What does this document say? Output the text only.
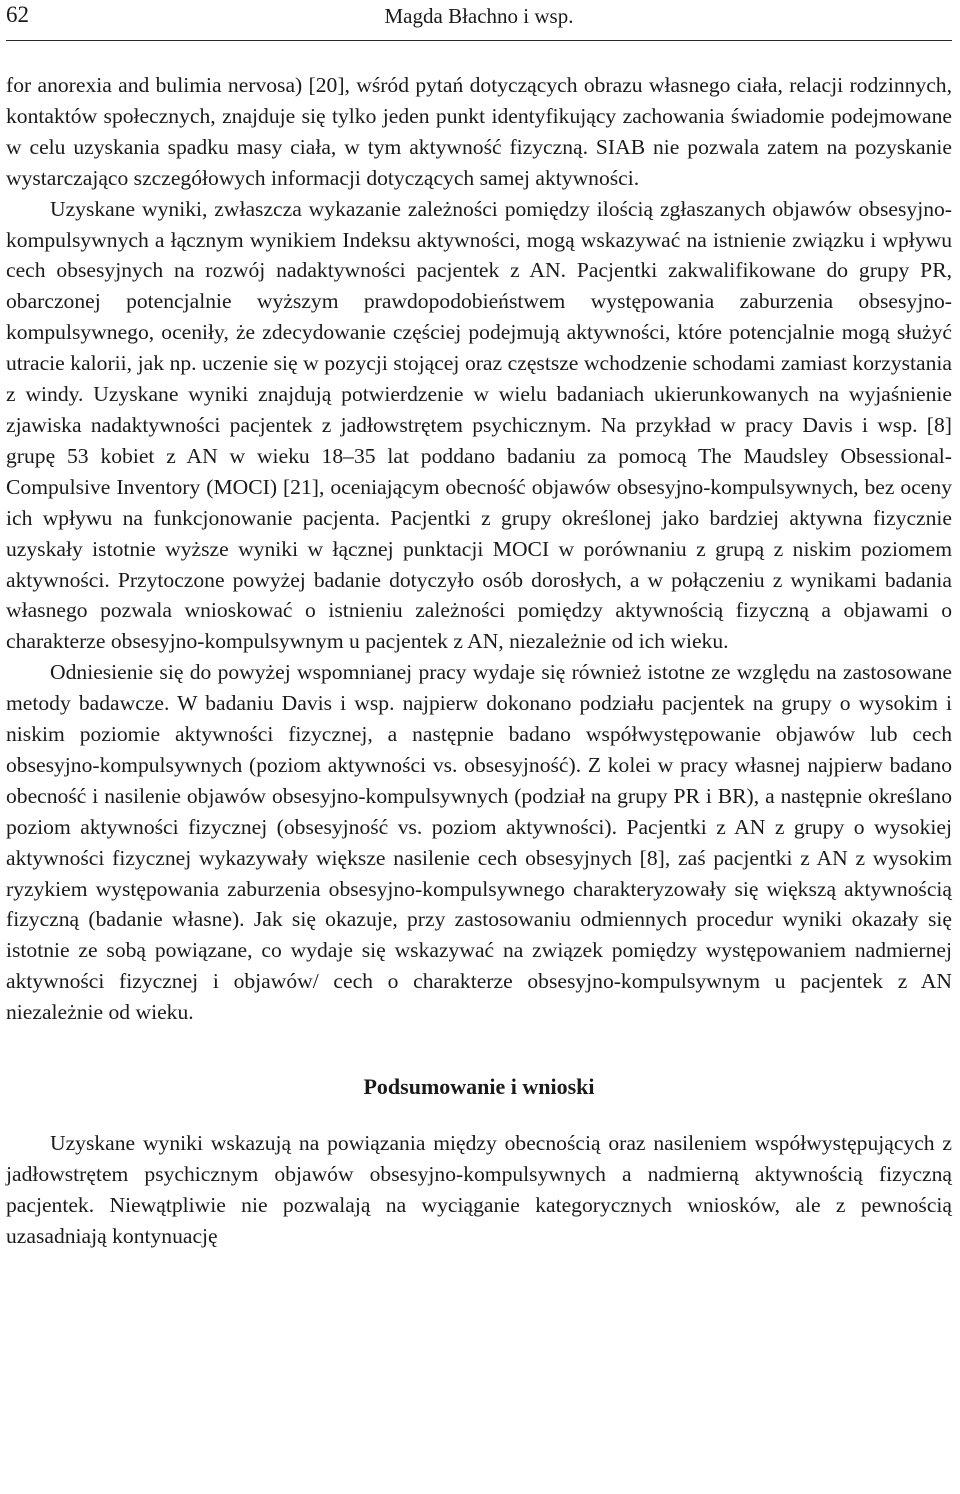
62	Magda Błachno i wsp.

for anorexia and bulimia nervosa) [20], wśród pytań dotyczących obrazu własnego ciała, relacji rodzinnych, kontaktów społecznych, znajduje się tylko jeden punkt identyfikujący zachowania świadomie podejmowane w celu uzyskania spadku masy ciała, w tym aktywność fizyczną. SIAB nie pozwala zatem na pozyskanie wystarczająco szczegółowych informacji dotyczących samej aktywności.

Uzyskane wyniki, zwłaszcza wykazanie zależności pomiędzy ilością zgłaszanych objawów obsesyjno-kompulsywnych a łącznym wynikiem Indeksu aktywności, mogą wskazywać na istnienie związku i wpływu cech obsesyjnych na rozwój nadaktywności pacjentek z AN. Pacjentki zakwalifikowane do grupy PR, obarczonej potencjalnie wyższym prawdopodobieństwem występowania zaburzenia obsesyjno-kompulsywnego, oceniły, że zdecydowanie częściej podejmują aktywności, które potencjalnie mogą służyć utracie kalorii, jak np. uczenie się w pozycji stojącej oraz częstsze wchodzenie schodami zamiast korzystania z windy. Uzyskane wyniki znajdują potwierdzenie w wielu badaniach ukierunkowanych na wyjaśnienie zjawiska nadaktywności pacjentek z jadłowstrętem psychicznym. Na przykład w pracy Davis i wsp. [8] grupę 53 kobiet z AN w wieku 18–35 lat poddano badaniu za pomocą The Maudsley Obsessional-Compulsive Inventory (MOCI) [21], oceniającym obecność objawów obsesyjno-kompulsywnych, bez oceny ich wpływu na funkcjonowanie pacjenta. Pacjentki z grupy określonej jako bardziej aktywna fizycznie uzyskały istotnie wyższe wyniki w łącznej punktacji MOCI w porównaniu z grupą z niskim poziomem aktywności. Przytoczone powyżej badanie dotyczyło osób dorosłych, a w połączeniu z wynikami badania własnego pozwala wnioskować o istnieniu zależności pomiędzy aktywnością fizyczną a objawami o charakterze obsesyjno-kompulsywnym u pacjentek z AN, niezależnie od ich wieku.

Odniesienie się do powyżej wspomnianej pracy wydaje się również istotne ze względu na zastosowane metody badawcze. W badaniu Davis i wsp. najpierw dokonano podziału pacjentek na grupy o wysokim i niskim poziomie aktywności fizycznej, a następnie badano współwystępowanie objawów lub cech obsesyjno-kompulsywnych (poziom aktywności vs. obsesyjność). Z kolei w pracy własnej najpierw badano obecność i nasilenie objawów obsesyjno-kompulsywnych (podział na grupy PR i BR), a następnie określano poziom aktywności fizycznej (obsesyjność vs. poziom aktywności). Pacjentki z AN z grupy o wysokiej aktywności fizycznej wykazywały większe nasilenie cech obsesyjnych [8], zaś pacjentki z AN z wysokim ryzykiem występowania zaburzenia obsesyjno-kompulsywnego charakteryzowały się większą aktywnością fizyczną (badanie własne). Jak się okazuje, przy zastosowaniu odmiennych procedur wyniki okazały się istotnie ze sobą powiązane, co wydaje się wskazywać na związek pomiędzy występowaniem nadmiernej aktywności fizycznej i objawów/ cech o charakterze obsesyjno-kompulsywnym u pacjentek z AN niezależnie od wieku.

Podsumowanie i wnioski

Uzyskane wyniki wskazują na powiązania między obecnością oraz nasileniem współwystępujących z jadłowstrętem psychicznym objawów obsesyjno-kompulsywnych a nadmierną aktywnością fizyczną pacjentek. Niewątpliwie nie pozwalają na wyciąganie kategorycznych wniosków, ale z pewnością uzasadniają kontynuację
